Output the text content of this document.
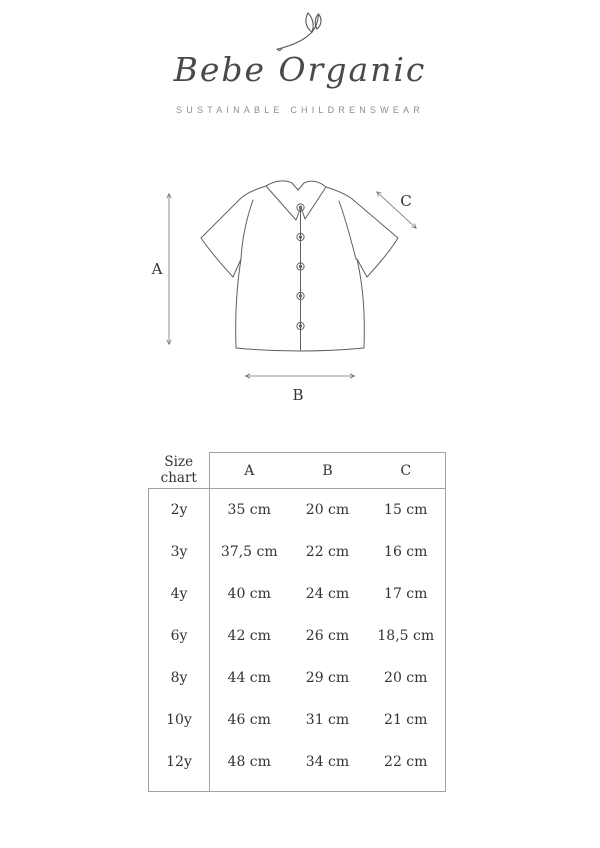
Bebe Organic
SUSTAINABLE CHILDRENSWEAR
A
B
C
Size
chart	A	B	C
2y	35 cm	20 cm	15 cm
3y	37,5 cm	22 cm	16 cm
4y	40 cm	24 cm	17 cm
6y	42 cm	26 cm	18,5 cm
8y	44 cm	29 cm	20 cm
10y	46 cm	31 cm	21 cm
12y	48 cm	34 cm	22 cm
